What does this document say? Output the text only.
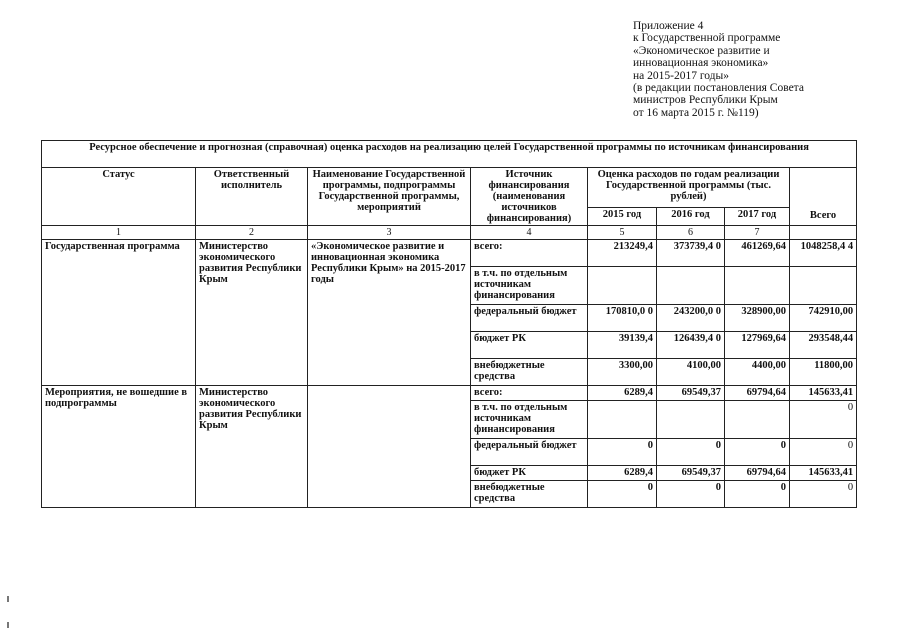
Приложение 4
к Государственной программе
«Экономическое развитие и
инновационная экономика»
на 2015-2017 годы»
(в редакции постановления Совета
министров Республики Крым
от 16 марта 2015 г. №119)
Ресурсное обеспечение и прогнозная (справочная) оценка расходов на реализацию целей Государственной программы по источникам финансирования							
Статус	Ответственный исполнитель	Наименование Государственной программы, подпрограммы Государственной программы, мероприятий	Источник финансирования (наименования источников финансирования)	Оценка расходов по годам реализации Государственной программы (тыс. рублей)			Всего
				2015 год	2016 год	2017 год	
1	2	3	4	5	6	7	
Государственная программа	Министерство экономического развития Республики Крым	«Экономическое развитие и инновационная экономика Республики Крым» на 2015-2017 годы	всего:	213249,4	373739,4 0	461269,64	1048258,4 4
			в т.ч. по отдельным источникам финансирования				
			федеральный бюджет	170810,0 0	243200,0 0	328900,00	742910,00
			бюджет РК	39139,4	126439,4 0	127969,64	293548,44
			внебюджетные средства	3300,00	4100,00	4400,00	11800,00
Мероприятия, не вошедшие в подпрограммы	Министерство экономического развития Республики Крым		всего:	6289,4	69549,37	69794,64	145633,41
			в т.ч. по отдельным источникам финансирования				0
			федеральный бюджет	0	0	0	0
			бюджет РК	6289,4	69549,37	69794,64	145633,41
			внебюджетные средства	0	0	0	0
